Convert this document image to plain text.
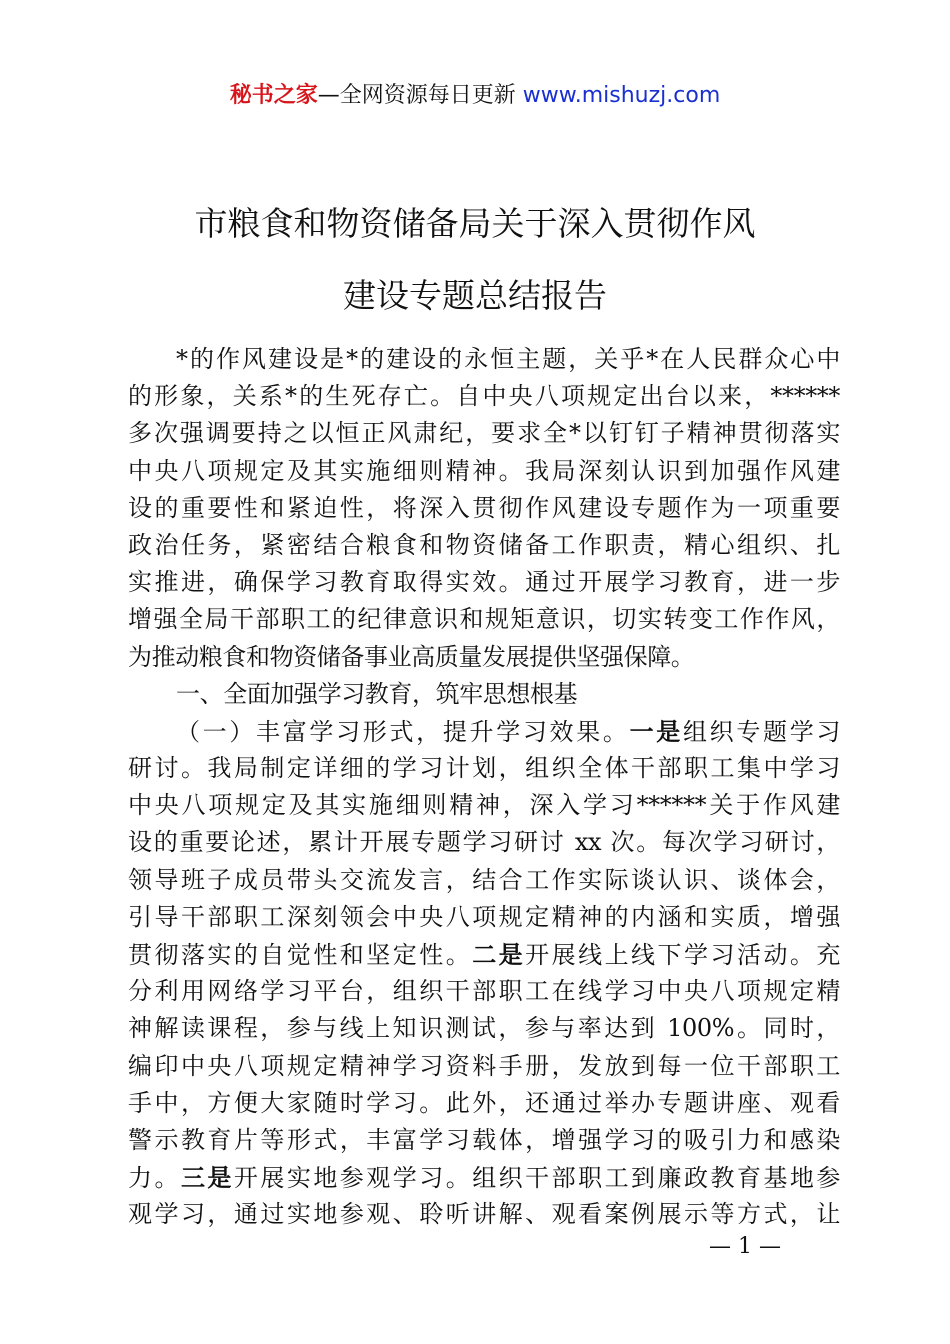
秘书之家—全网资源每日更新 www.mishuzj.com
市粮食和物资储备局关于深入贯彻作风
建设专题总结报告
*的作风建设是*的建设的永恒主题，关乎*在人民群众心中
的形象，关系*的生死存亡。自中央八项规定出台以来，******
多次强调要持之以恒正风肃纪，要求全*以钉钉子精神贯彻落实
中央八项规定及其实施细则精神。我局深刻认识到加强作风建
设的重要性和紧迫性，将深入贯彻作风建设专题作为一项重要
政治任务，紧密结合粮食和物资储备工作职责，精心组织、扎
实推进，确保学习教育取得实效。通过开展学习教育，进一步
增强全局干部职工的纪律意识和规矩意识，切实转变工作作风，
为推动粮食和物资储备事业高质量发展提供坚强保障。
一、全面加强学习教育，筑牢思想根基
（一）丰富学习形式，提升学习效果。一是组织专题学习
研讨。我局制定详细的学习计划，组织全体干部职工集中学习
中央八项规定及其实施细则精神，深入学习******关于作风建
设的重要论述，累计开展专题学习研讨 xx 次。每次学习研讨，
领导班子成员带头交流发言，结合工作实际谈认识、谈体会，
引导干部职工深刻领会中央八项规定精神的内涵和实质，增强
贯彻落实的自觉性和坚定性。二是开展线上线下学习活动。充
分利用网络学习平台，组织干部职工在线学习中央八项规定精
神解读课程，参与线上知识测试，参与率达到 100%。同时，
编印中央八项规定精神学习资料手册，发放到每一位干部职工
手中，方便大家随时学习。此外，还通过举办专题讲座、观看
警示教育片等形式，丰富学习载体，增强学习的吸引力和感染
力。三是开展实地参观学习。组织干部职工到廉政教育基地参
观学习，通过实地参观、聆听讲解、观看案例展示等方式，让
— 1 —
